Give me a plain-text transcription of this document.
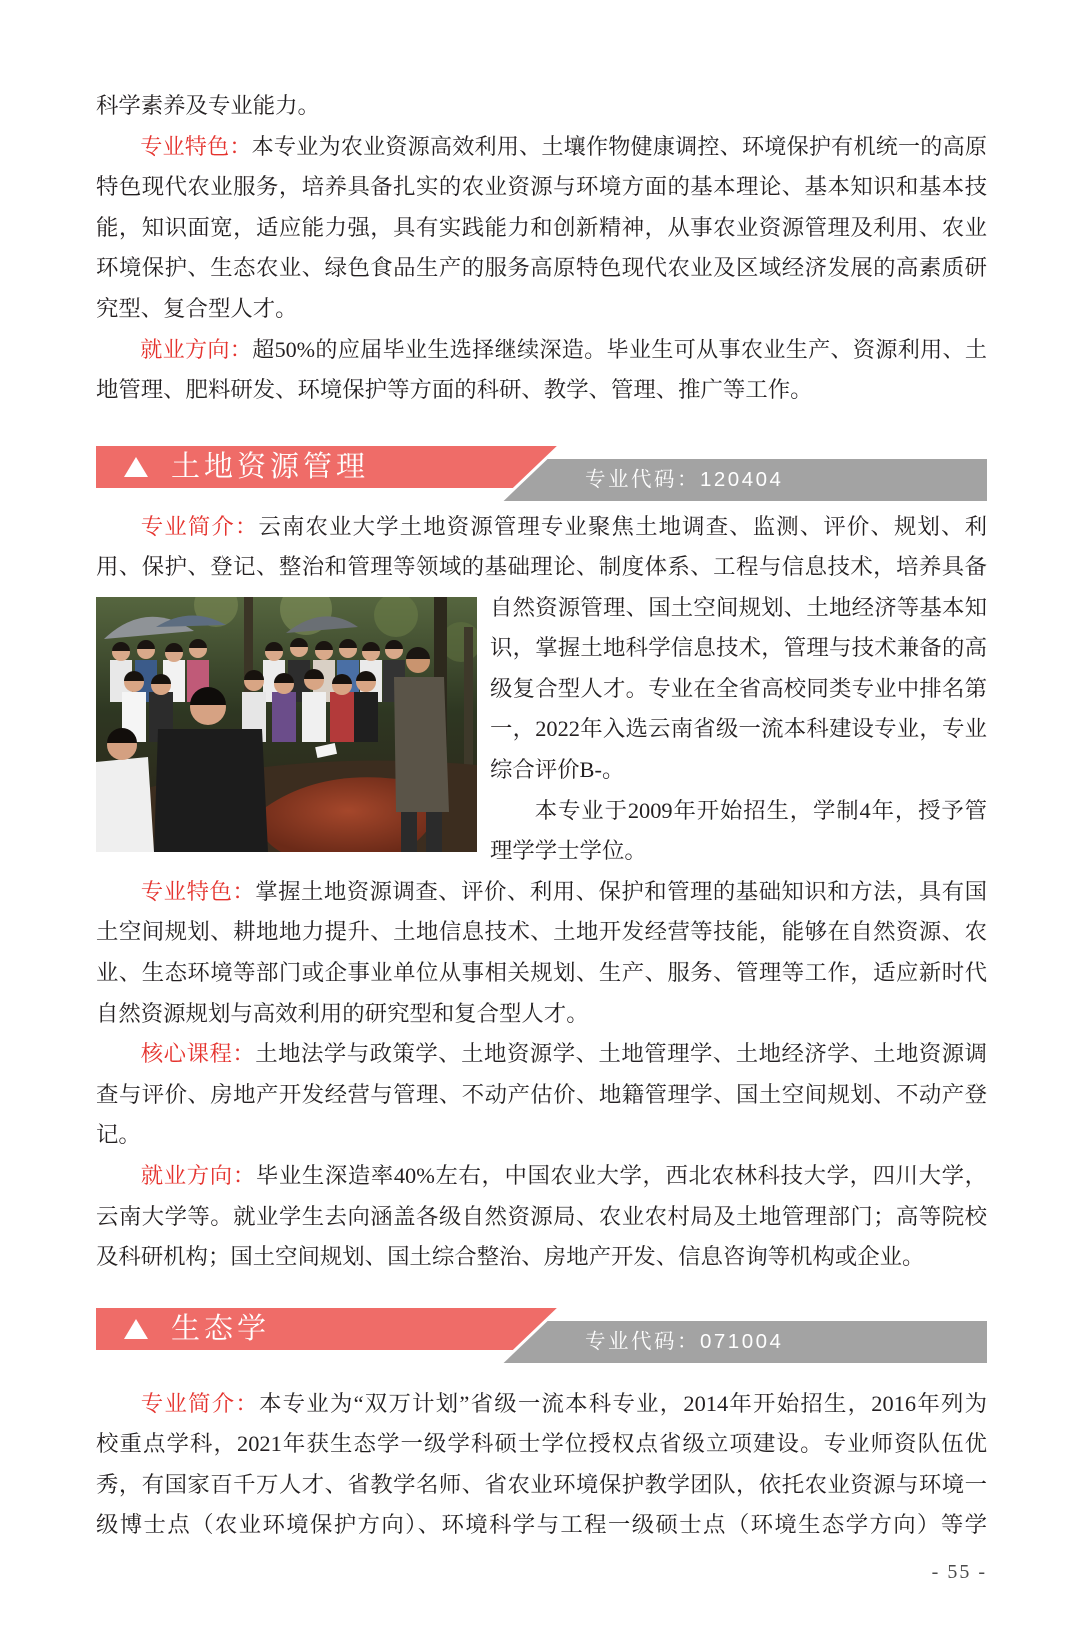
科学素养及专业能力。
专业特色：本专业为农业资源高效利用、土壤作物健康调控、环境保护有机统一的高原
特色现代农业服务，培养具备扎实的农业资源与环境方面的基本理论、基本知识和基本技
能，知识面宽，适应能力强，具有实践能力和创新精神，从事农业资源管理及利用、农业
环境保护、生态农业、绿色食品生产的服务高原特色现代农业及区域经济发展的高素质研
究型、复合型人才。
就业方向：超50%的应届毕业生选择继续深造。毕业生可从事农业生产、资源利用、土
地管理、肥料研发、环境保护等方面的科研、教学、管理、推广等工作。
土地资源管理	专业代码：120404
专业简介：云南农业大学土地资源管理专业聚焦土地调查、监测、评价、规划、利
用、保护、登记、整治和管理等领域的基础理论、制度体系、工程与信息技术，培养具备
自然资源管理、国土空间规划、土地经济等基本知
识，掌握土地科学信息技术，管理与技术兼备的高
级复合型人才。专业在全省高校同类专业中排名第
一，2022年入选云南省级一流本科建设专业，专业
综合评价B-。
本专业于2009年开始招生，学制4年，授予管
理学学士学位。
专业特色：掌握土地资源调查、评价、利用、保护和管理的基础知识和方法，具有国
土空间规划、耕地地力提升、土地信息技术、土地开发经营等技能，能够在自然资源、农
业、生态环境等部门或企事业单位从事相关规划、生产、服务、管理等工作，适应新时代
自然资源规划与高效利用的研究型和复合型人才。
核心课程：土地法学与政策学、土地资源学、土地管理学、土地经济学、土地资源调
查与评价、房地产开发经营与管理、不动产估价、地籍管理学、国土空间规划、不动产登
记。
就业方向：毕业生深造率40%左右，中国农业大学，西北农林科技大学，四川大学，
云南大学等。就业学生去向涵盖各级自然资源局、农业农村局及土地管理部门；高等院校
及科研机构；国土空间规划、国土综合整治、房地产开发、信息咨询等机构或企业。
生态学	专业代码：071004
专业简介：本专业为“双万计划”省级一流本科专业，2014年开始招生，2016年列为
校重点学科，2021年获生态学一级学科硕士学位授权点省级立项建设。专业师资队伍优
秀，有国家百千万人才、省教学名师、省农业环境保护教学团队，依托农业资源与环境一
级博士点（农业环境保护方向）、环境科学与工程一级硕士点（环境生态学方向）等学
- 55 -
